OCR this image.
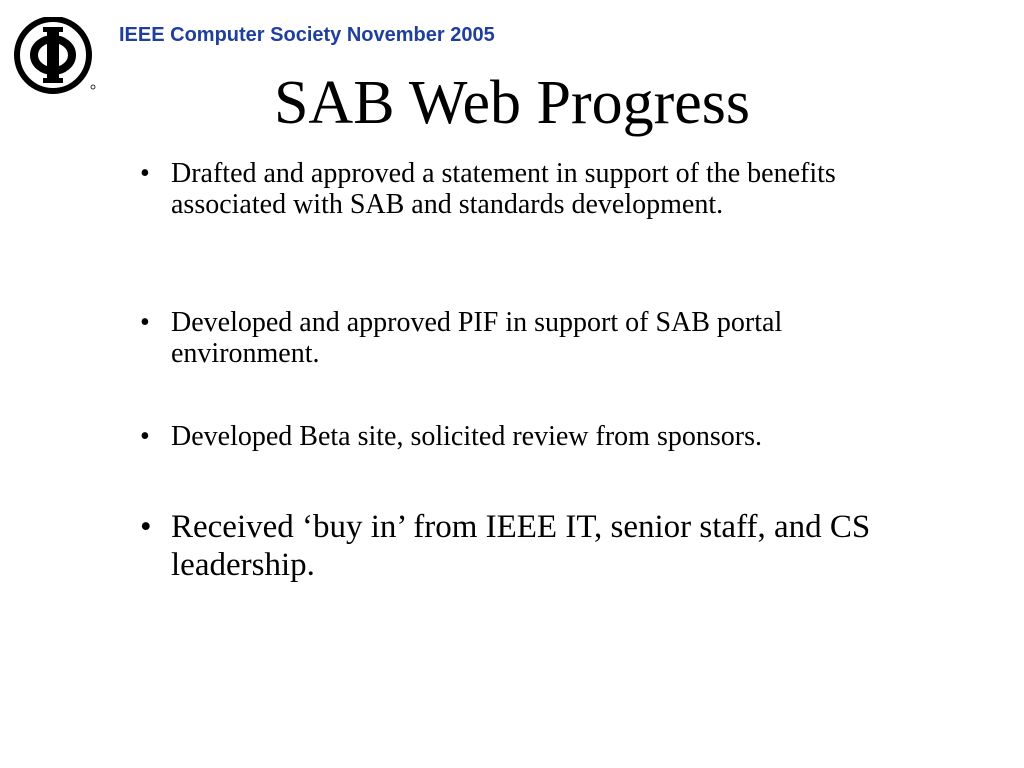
IEEE Computer Society November 2005
SAB Web Progress
• Drafted and approved a statement in support of the benefits associated with SAB and standards development.
• Developed and approved PIF in support of SAB portal environment.
• Developed Beta site, solicited review from sponsors.
• Received ‘buy in’ from IEEE IT, senior staff, and CS leadership.
